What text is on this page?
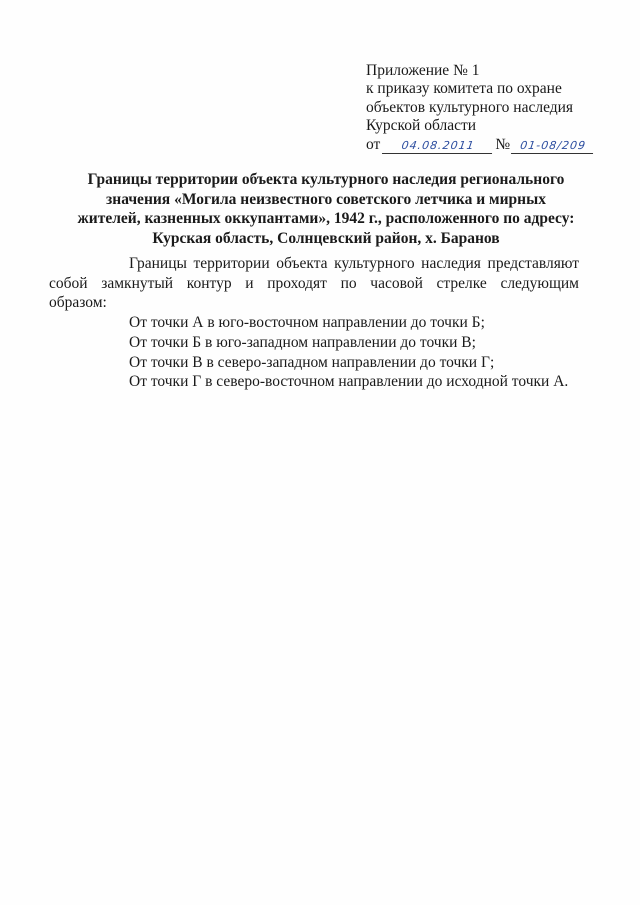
Приложение № 1
к приказу комитета по охране
объектов культурного наследия
Курской области
от	04.08.2011	№ 01-08/209
Границы территории объекта культурного наследия регионального
значения «Могила неизвестного советского летчика и мирных
жителей, казненных оккупантами», 1942 г., расположенного по адресу:
Курская область, Солнцевский район, х. Баранов

Границы территории объекта культурного наследия представляют
собой замкнутый контур и проходят по часовой стрелке следующим
образом:

От точки А в юго-восточном направлении до точки Б;
От точки Б в юго-западном направлении до точки В;
От точки В в северо-западном направлении до точки Г;
От точки Г в северо-восточном направлении до исходной точки А.
